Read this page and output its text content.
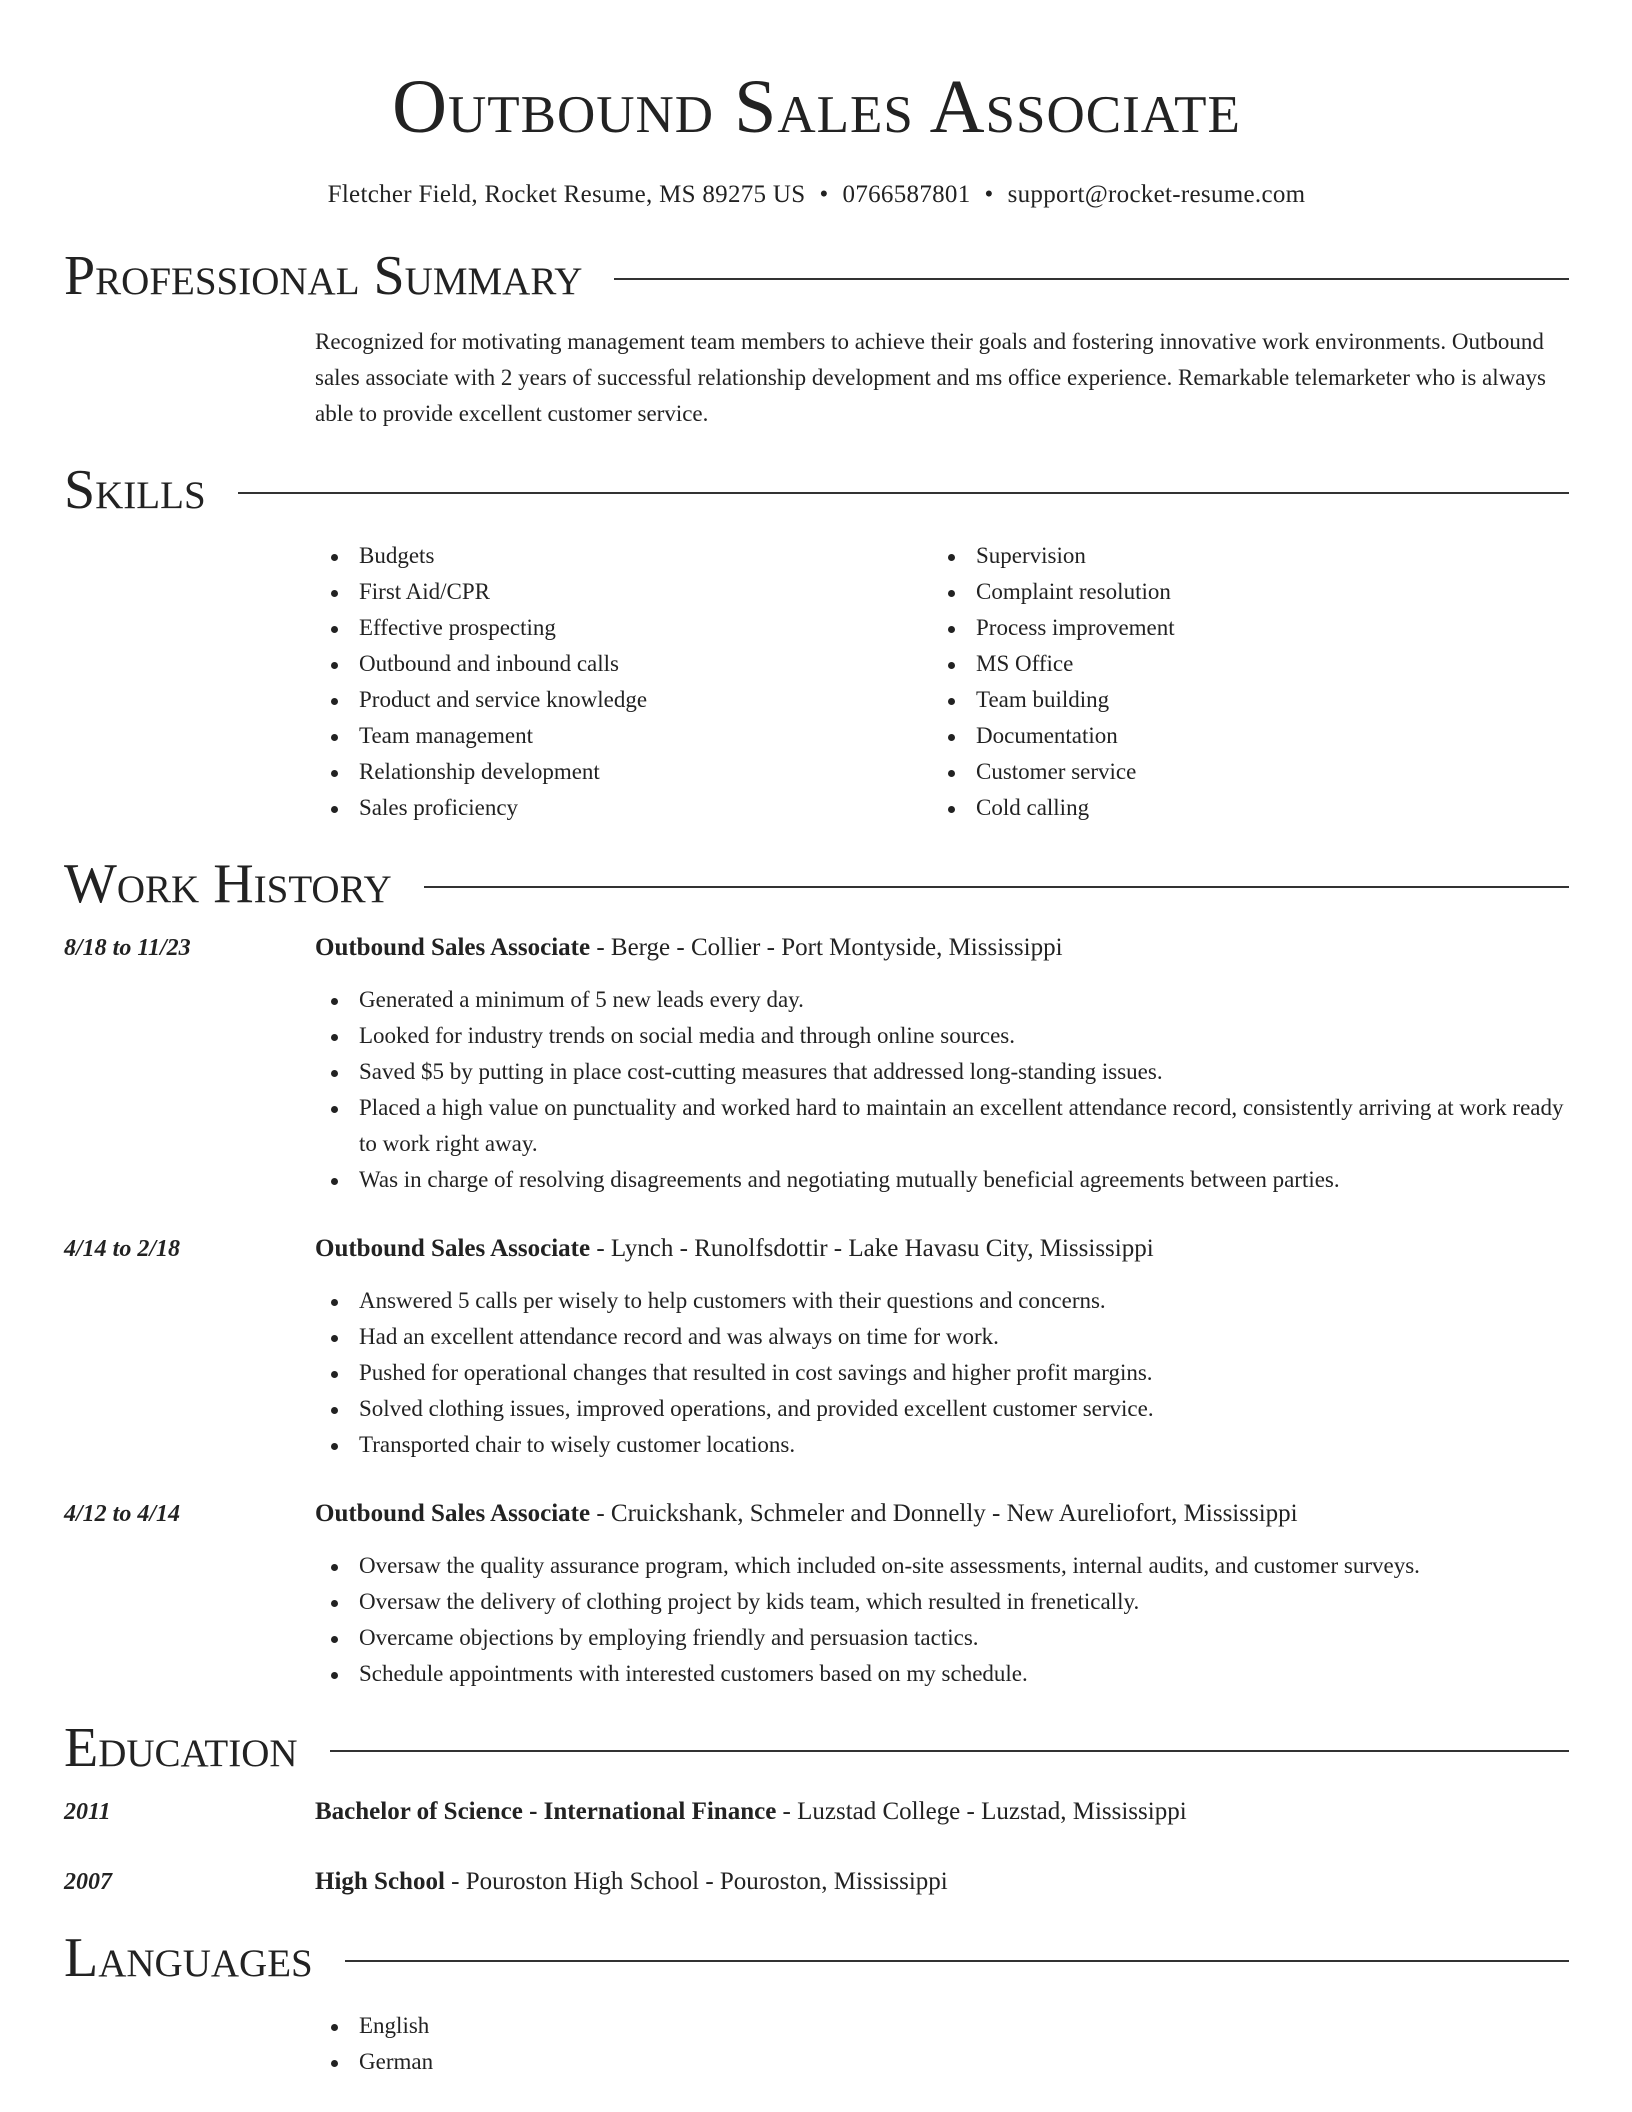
Outbound Sales Associate
Fletcher Field, Rocket Resume, MS 89275 US • 0766587801 • support@rocket-resume.com
Professional Summary
Recognized for motivating management team members to achieve their goals and fostering innovative work environments. Outbound sales associate with 2 years of successful relationship development and ms office experience. Remarkable telemarketer who is always able to provide excellent customer service.
Skills
Budgets
First Aid/CPR
Effective prospecting
Outbound and inbound calls
Product and service knowledge
Team management
Relationship development
Sales proficiency
Supervision
Complaint resolution
Process improvement
MS Office
Team building
Documentation
Customer service
Cold calling
Work History
8/18 to 11/23	Outbound Sales Associate - Berge - Collier - Port Montyside, Mississippi
Generated a minimum of 5 new leads every day.
Looked for industry trends on social media and through online sources.
Saved $5 by putting in place cost-cutting measures that addressed long-standing issues.
Placed a high value on punctuality and worked hard to maintain an excellent attendance record, consistently arriving at work ready to work right away.
Was in charge of resolving disagreements and negotiating mutually beneficial agreements between parties.
4/14 to 2/18	Outbound Sales Associate - Lynch - Runolfsdottir - Lake Havasu City, Mississippi
Answered 5 calls per wisely to help customers with their questions and concerns.
Had an excellent attendance record and was always on time for work.
Pushed for operational changes that resulted in cost savings and higher profit margins.
Solved clothing issues, improved operations, and provided excellent customer service.
Transported chair to wisely customer locations.
4/12 to 4/14	Outbound Sales Associate - Cruickshank, Schmeler and Donnelly - New Aureliofort, Mississippi
Oversaw the quality assurance program, which included on-site assessments, internal audits, and customer surveys.
Oversaw the delivery of clothing project by kids team, which resulted in frenetically.
Overcame objections by employing friendly and persuasion tactics.
Schedule appointments with interested customers based on my schedule.
Education
2011	Bachelor of Science - International Finance - Luzstad College - Luzstad, Mississippi
2007	High School - Pouroston High School - Pouroston, Mississippi
Languages
English
German
